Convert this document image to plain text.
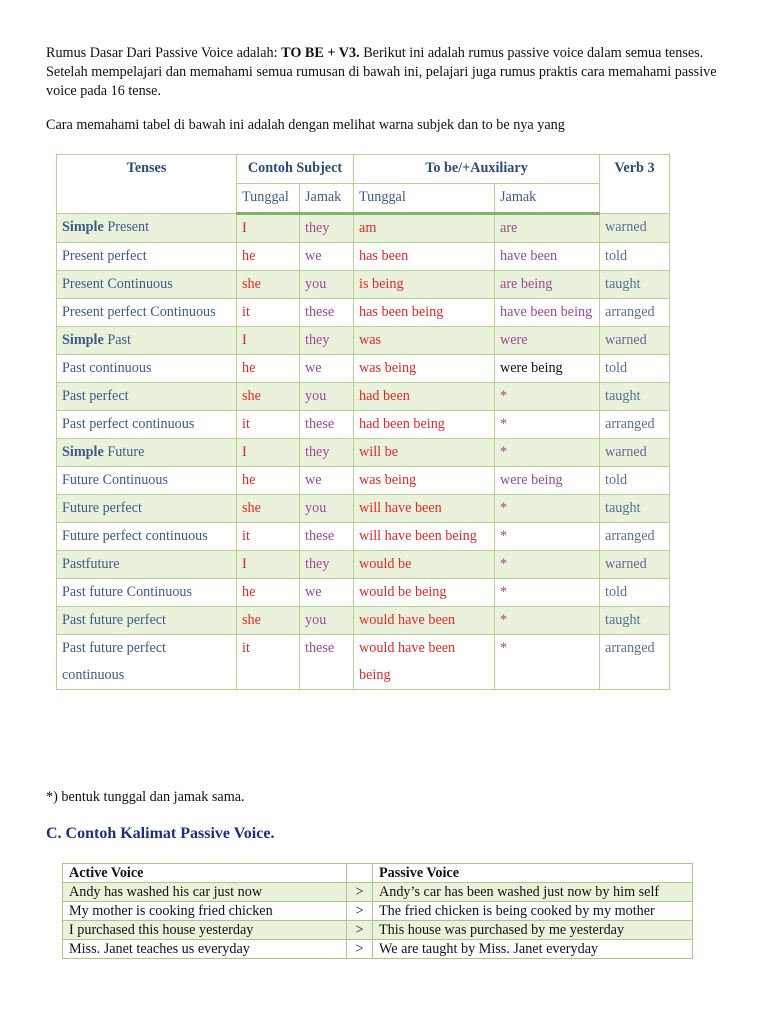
Rumus Dasar Dari Passive Voice adalah: TO BE + V3. Berikut ini adalah rumus passive voice dalam semua tenses. Setelah mempelajari dan memahami semua rumusan di bawah ini, pelajari juga rumus praktis cara memahami passive voice pada 16 tense.

Cara memahami tabel di bawah ini adalah dengan melihat warna subjek dan to be nya yang

Tenses	Contoh Subject		To be/+Auxiliary		Verb 3
	Tunggal	Jamak	Tunggal	Jamak	
Simple Present	I	they	am	are	warned
Present perfect	he	we	has been	have been	told
Present Continuous	she	you	is being	are being	taught
Present perfect Continuous	it	these	has been being	have been being	arranged
Simple Past	I	they	was	were	warned
Past continuous	he	we	was being	were being	told
Past perfect	she	you	had been	*	taught
Past perfect continuous	it	these	had been being	*	arranged
Simple Future	I	they	will be	*	warned
Future Continuous	he	we	was being	were being	told
Future perfect	she	you	will have been	*	taught
Future perfect continuous	it	these	will have been being	*	arranged
Pastfuture	I	they	would be	*	warned
Past future Continuous	he	we	would be being	*	told
Past future perfect	she	you	would have been	*	taught
Past future perfect continuous	it	these	would have been being	*	arranged

*) bentuk tunggal dan jamak sama.

C. Contoh Kalimat Passive Voice.

Active Voice		Passive Voice
Andy has washed his car just now	>	Andy’s car has been washed just now by him self
My mother is cooking fried chicken	>	The fried chicken is being cooked by my mother
I purchased this house yesterday	>	This house was purchased by me yesterday
Miss. Janet teaches us everyday	>	We are taught by Miss. Janet everyday
